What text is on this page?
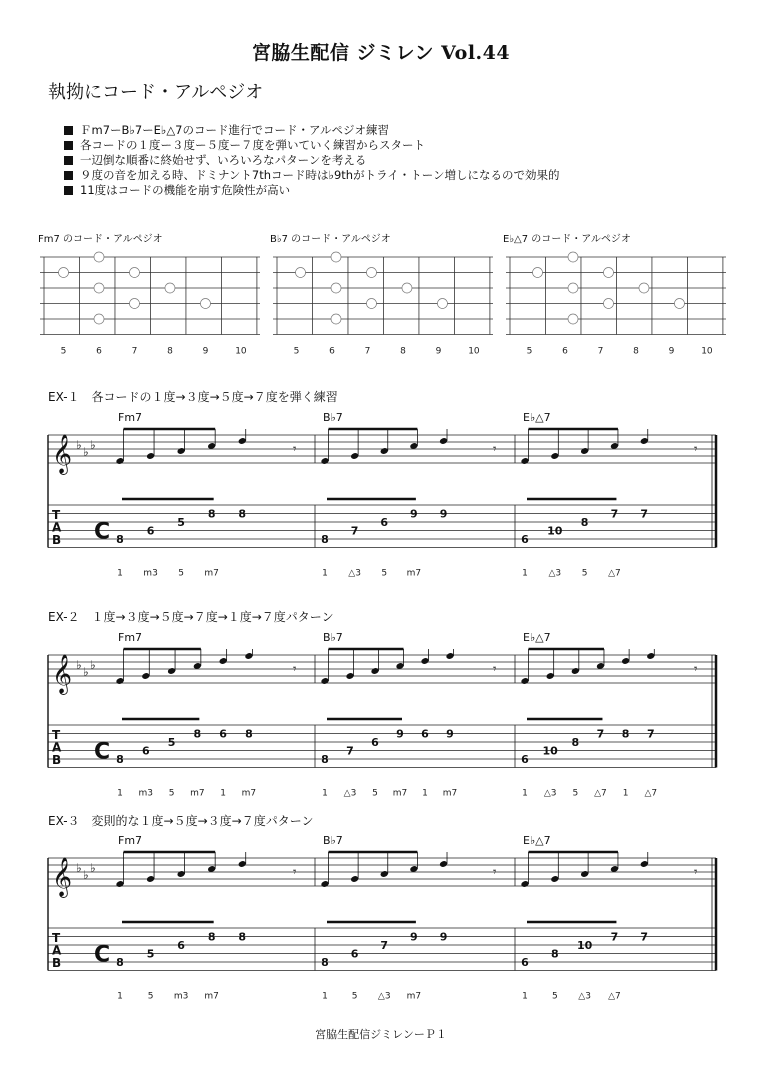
宮脇生配信 ジミレン Vol.44
執拗にコード・アルペジオ
Ｆm7ーB♭7ーE♭△7のコード進行でコード・アルペジオ練習
各コードの１度ー３度ー５度ー７度を弾いていく練習からスタート
一辺倒な順番に終始せず、いろいろなパターンを考える
９度の音を加える時、ドミナント7thコード時は♭9thがトライ・トーン増しになるので効果的
11度はコードの機能を崩す危険性が高い
Fm7 のコード・アルペジオ	B♭7 のコード・アルペジオ	E♭△7 のコード・アルペジオ
5	6	7	8	9	10	5	6	7	8	9	10	5	6	7	8	9	10
EX-１　各コードの１度→３度→５度→７度を弾く練習
EX-２　１度→３度→５度→７度→１度→７度パターン
EX-３　変則的な１度→５度→３度→７度パターン
𝄞 ♭ ♭ ♭
T
A
B C
Fm7
8
6
5
8 8
𝄾
1 m3 5 m7
B♭7
8
7
6
9 9
𝄾
1 △3 5 m7
E♭△7
6
10
8
7 7
𝄾
1 △3 5 △7
𝄞 ♭ ♭ ♭
T
A
B C
Fm7
8
6
5
8 6 8
𝄾
1 m3 5 m7 1 m7
B♭7
8
7
6
9 6 9
𝄾
1 △3 5 m7 1 m7
E♭△7
6
10
8
7 8 7
𝄾
1 △3 5 △7 1 △7
𝄞 ♭ ♭ ♭
T
A
B C
Fm7
8
5
6
8 8
𝄾
1	5 m3 m7
B♭7
8
6
7
9 9
𝄾
1	5 △3 m7
E♭△7
6
8
10
7 7
𝄾
1	5 △3 △7
宮脇生配信ジミレンーＰ１
